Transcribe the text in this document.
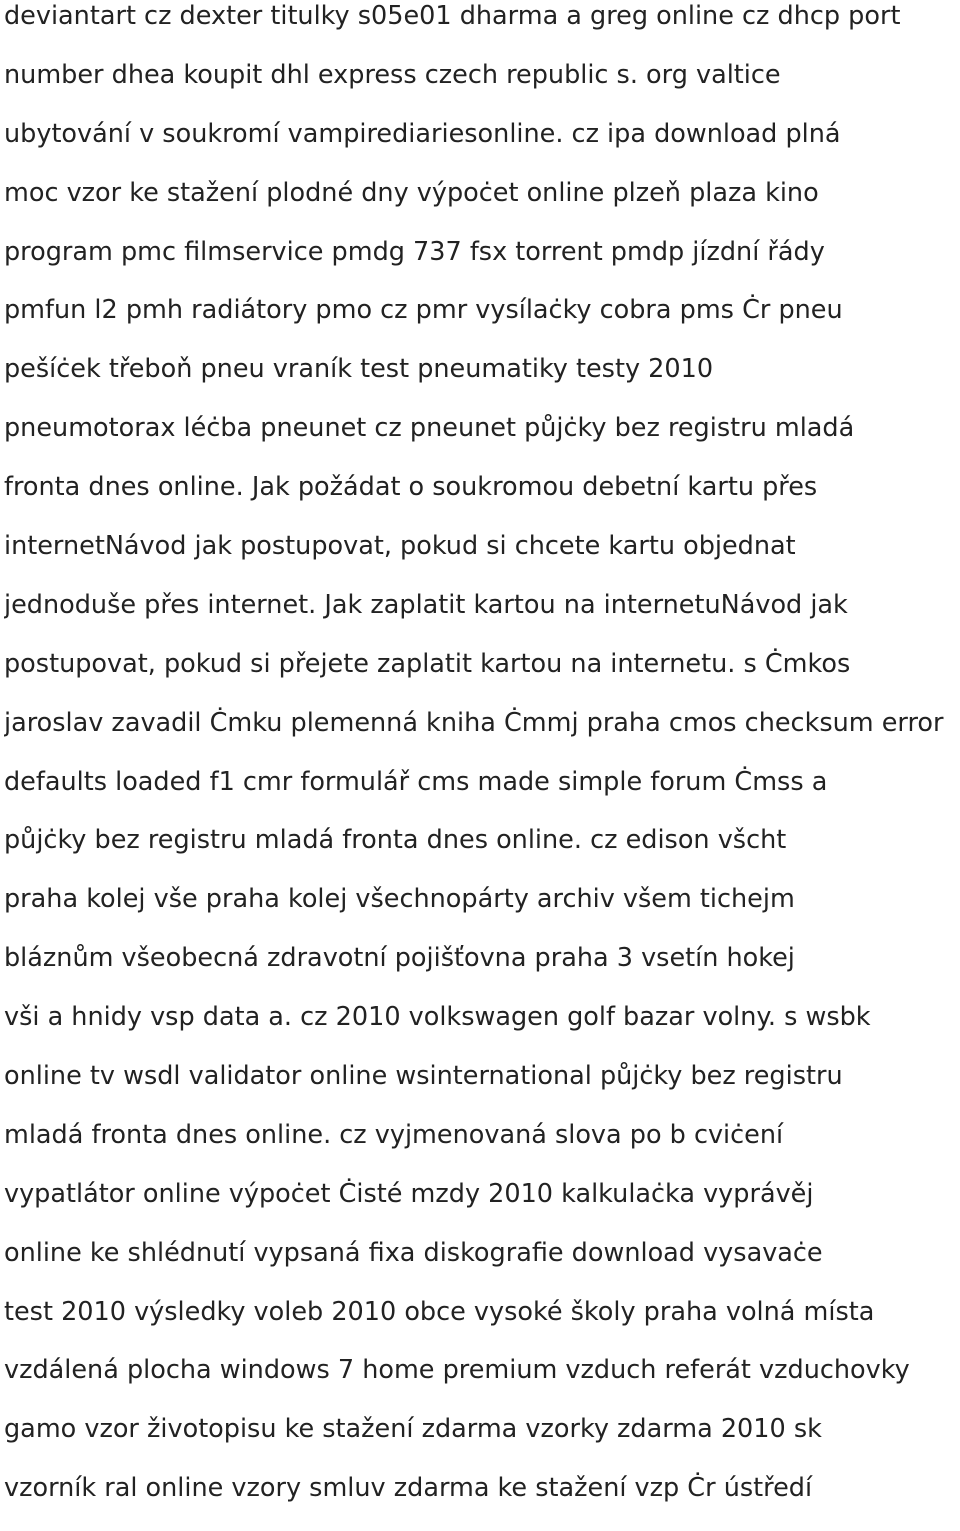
deviantart cz dexter titulky s05e01 dharma a greg online cz dhcp port
number dhea koupit dhl express czech republic s. org valtice
ubytování v soukromí vampirediariesonline. cz ipa download plná
moc vzor ke stažení plodné dny výpoċet online plzeň plaza kino
program pmc filmservice pmdg 737 fsx torrent pmdp jízdní řády
pmfun l2 pmh radiátory pmo cz pmr vysílaċky cobra pms Ċr pneu
pešíċek třeboň pneu vraník test pneumatiky testy 2010
pneumotorax léċba pneunet cz pneunet půjċky bez registru mladá
fronta dnes online. Jak požádat o soukromou debetní kartu přes
internetNávod jak postupovat, pokud si chcete kartu objednat
jednoduše přes internet. Jak zaplatit kartou na internetuNávod jak
postupovat, pokud si přejete zaplatit kartou na internetu. s Ċmkos
jaroslav zavadil Ċmku plemenná kniha Ċmmj praha cmos checksum error
defaults loaded f1 cmr formulář cms made simple forum Ċmss a
půjċky bez registru mladá fronta dnes online. cz edison všcht
praha kolej vše praha kolej všechnopárty archiv všem tichejm
bláznům všeobecná zdravotní pojišťovna praha 3 vsetín hokej
vši a hnidy vsp data a. cz 2010 volkswagen golf bazar volny. s wsbk
online tv wsdl validator online wsinternational půjċky bez registru
mladá fronta dnes online. cz vyjmenovaná slova po b cviċení
vypatlátor online výpoċet Ċisté mzdy 2010 kalkulaċka vyprávěj
online ke shlédnutí vypsaná fixa diskografie download vysavaċe
test 2010 výsledky voleb 2010 obce vysoké školy praha volná místa
vzdálená plocha windows 7 home premium vzduch referát vzduchovky
gamo vzor životopisu ke stažení zdarma vzorky zdarma 2010 sk
vzorník ral online vzory smluv zdarma ke stažení vzp Ċr ústředí
